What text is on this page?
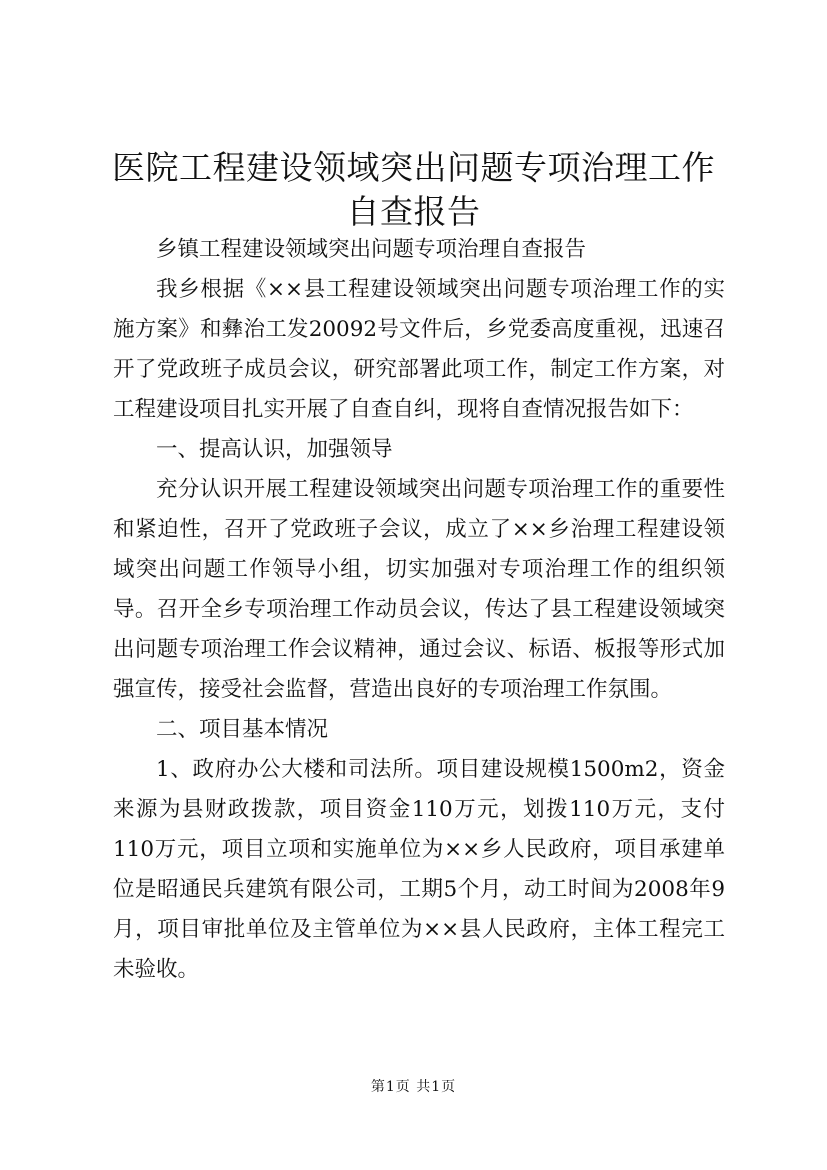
医院工程建设领域突出问题专项治理工作自查报告

乡镇工程建设领域突出问题专项治理自查报告

我乡根据《××县工程建设领域突出问题专项治理工作的实施方案》和彝治工发20092号文件后，乡党委高度重视，迅速召开了党政班子成员会议，研究部署此项工作，制定工作方案，对工程建设项目扎实开展了自查自纠，现将自查情况报告如下：

一、提高认识，加强领导

充分认识开展工程建设领域突出问题专项治理工作的重要性和紧迫性，召开了党政班子会议，成立了××乡治理工程建设领域突出问题工作领导小组，切实加强对专项治理工作的组织领导。召开全乡专项治理工作动员会议，传达了县工程建设领域突出问题专项治理工作会议精神，通过会议、标语、板报等形式加强宣传，接受社会监督，营造出良好的专项治理工作氛围。

二、项目基本情况

1、政府办公大楼和司法所。项目建设规模1500m2，资金来源为县财政拨款，项目资金110万元，划拨110万元，支付110万元，项目立项和实施单位为××乡人民政府，项目承建单位是昭通民兵建筑有限公司，工期5个月，动工时间为2008年9月，项目审批单位及主管单位为××县人民政府，主体工程完工未验收。

第1页 共1页
